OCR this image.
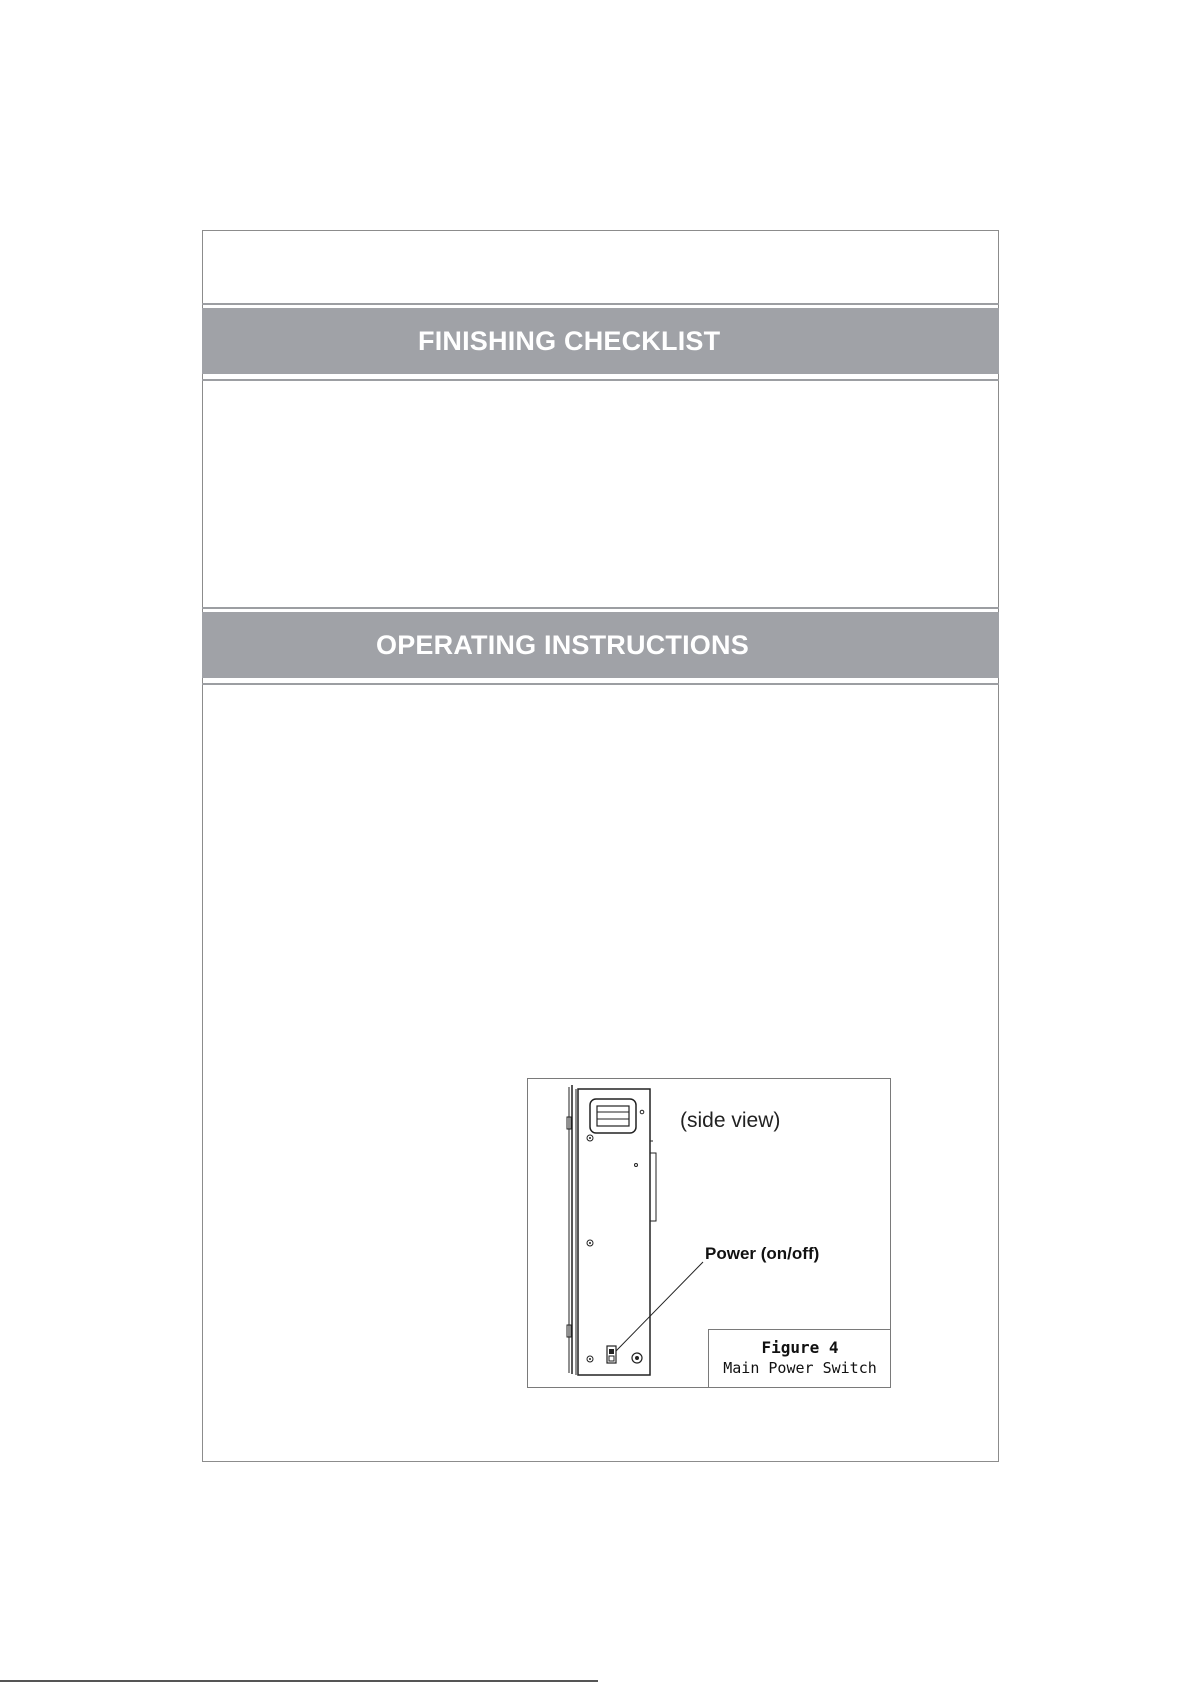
FINISHING CHECKLIST
OPERATING INSTRUCTIONS
(side view)
Power (on/off)
Figure 4
Main Power Switch
